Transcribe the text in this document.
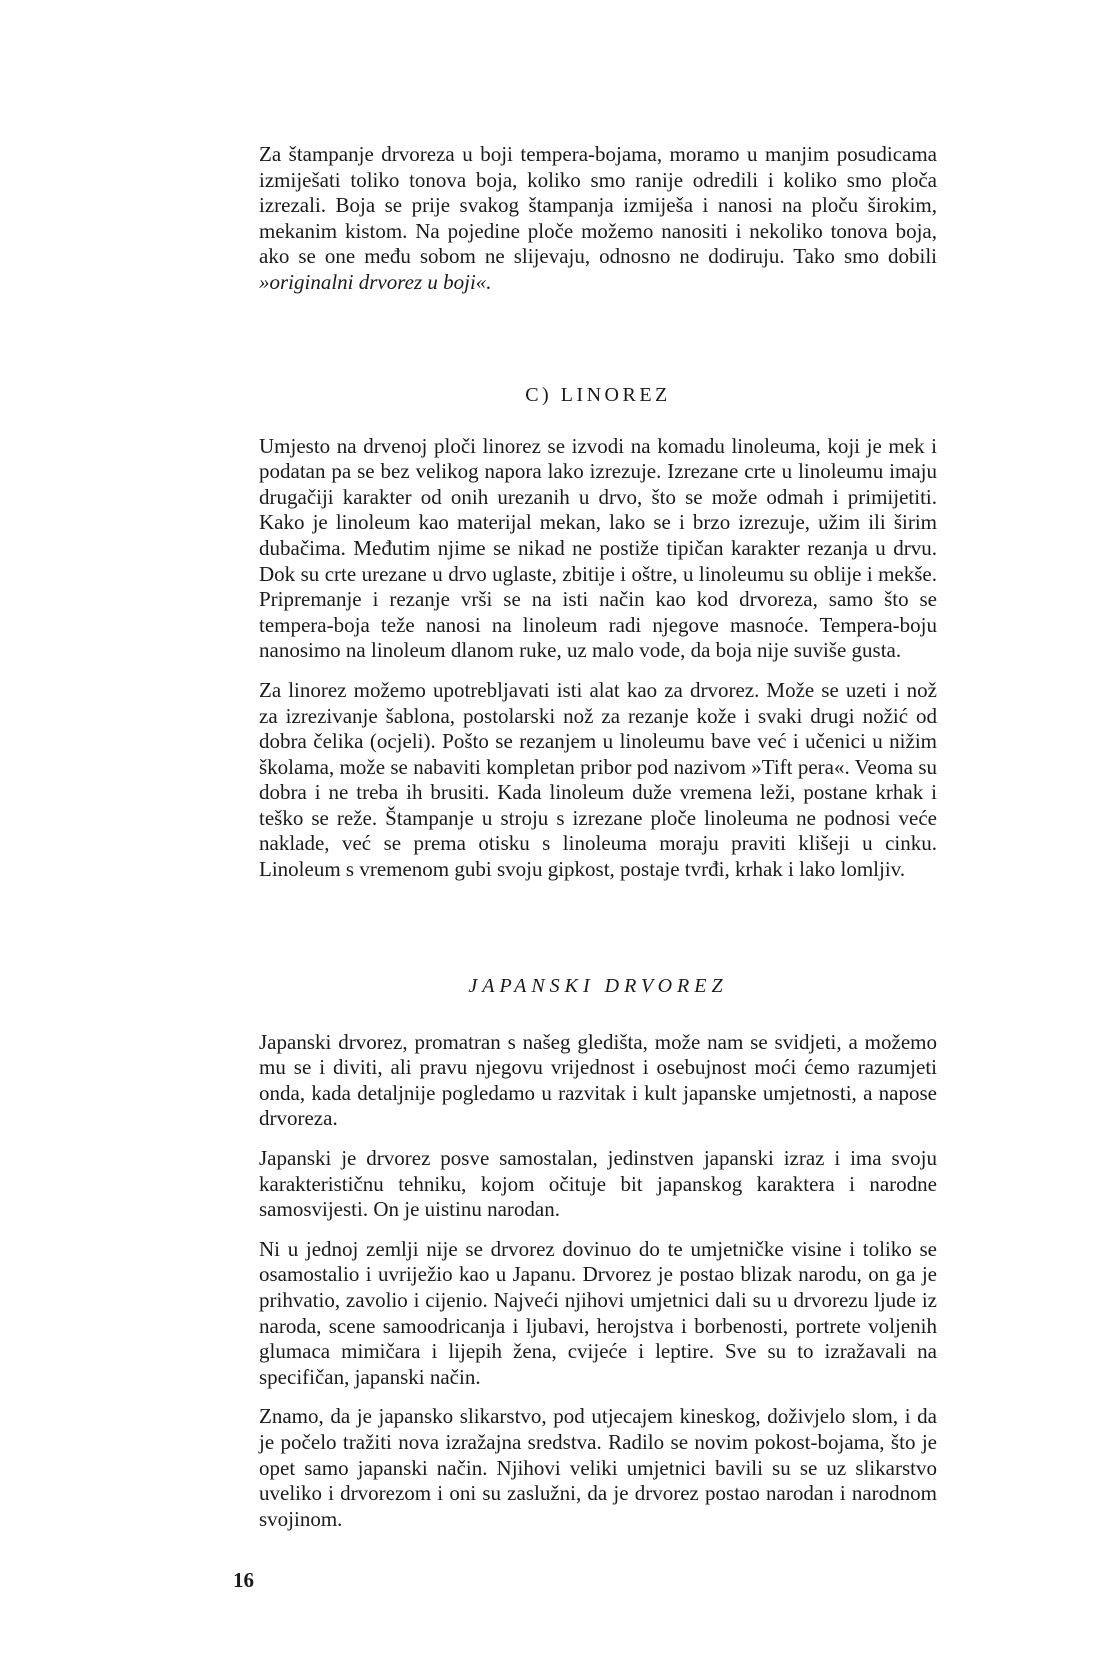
Za štampanje drvoreza u boji tempera-bojama, moramo u manjim posudicama izmiješati toliko tonova boja, koliko smo ranije odredili i koliko smo ploča izrezali. Boja se prije svakog štampanja izmiješa i nanosi na ploču širokim, mekanim kistom. Na pojedine ploče možemo nanositi i nekoliko tonova boja, ako se one među sobom ne slijevaju, odnosno ne dodiruju. Tako smo dobili »originalni drvorez u boji«.

C) LINOREZ

Umjesto na drvenoj ploči linorez se izvodi na komadu linoleuma, koji je mek i podatan pa se bez velikog napora lako izrezuje. Izrezane crte u linoleumu imaju drugačiji karakter od onih urezanih u drvo, što se može odmah i primijetiti. Kako je linoleum kao materijal mekan, lako se i brzo izrezuje, užim ili širim dubačima. Međutim njime se nikad ne postiže tipičan karakter rezanja u drvu. Dok su crte urezane u drvo uglaste, zbitije i oštre, u linoleumu su oblije i mekše. Pripremanje i rezanje vrši se na isti način kao kod drvoreza, samo što se tempera-boja teže nanosi na linoleum radi njegove masnoće. Tempera-boju nanosimo na linoleum dlanom ruke, uz malo vode, da boja nije suviše gusta.

Za linorez možemo upotrebljavati isti alat kao za drvorez. Može se uzeti i nož za izrezivanje šablona, postolarski nož za rezanje kože i svaki drugi nožić od dobra čelika (ocjeli). Pošto se rezanjem u linoleumu bave već i učenici u nižim školama, može se nabaviti kompletan pribor pod nazivom »Tift pera«. Veoma su dobra i ne treba ih brusiti. Kada linoleum duže vremena leži, postane krhak i teško se reže. Štampanje u stroju s izrezane ploče linoleuma ne podnosi veće naklade, već se prema otisku s linoleuma moraju praviti klišeji u cinku. Linoleum s vremenom gubi svoju gipkost, postaje tvrđi, krhak i lako lomljiv.

JAPANSKI DRVOREZ

Japanski drvorez, promatran s našeg gledišta, može nam se svidjeti, a možemo mu se i diviti, ali pravu njegovu vrijednost i osebujnost moći ćemo razumjeti onda, kada detaljnije pogledamo u razvitak i kult japanske umjetnosti, a napose drvoreza.

Japanski je drvorez posve samostalan, jedinstven japanski izraz i ima svoju karakterističnu tehniku, kojom očituje bit japanskog karaktera i narodne samosvijesti. On je uistinu narodan.

Ni u jednoj zemlji nije se drvorez dovinuo do te umjetničke visine i toliko se osamostalio i uvriježio kao u Japanu. Drvorez je postao blizak narodu, on ga je prihvatio, zavolio i cijenio. Najveći njihovi umjetnici dali su u drvorezu ljude iz naroda, scene samoodricanja i ljubavi, herojstva i borbenosti, portrete voljenih glumaca mimičara i lijepih žena, cvijeće i leptire. Sve su to izražavali na specifičan, japanski način.

Znamo, da je japansko slikarstvo, pod utjecajem kineskog, doživjelo slom, i da je počelo tražiti nova izražajna sredstva. Radilo se novim pokost-bojama, što je opet samo japanski način. Njihovi veliki umjetnici bavili su se uz slikarstvo uveliko i drvorezom i oni su zaslužni, da je drvorez postao narodan i narodnom svojinom.

16
